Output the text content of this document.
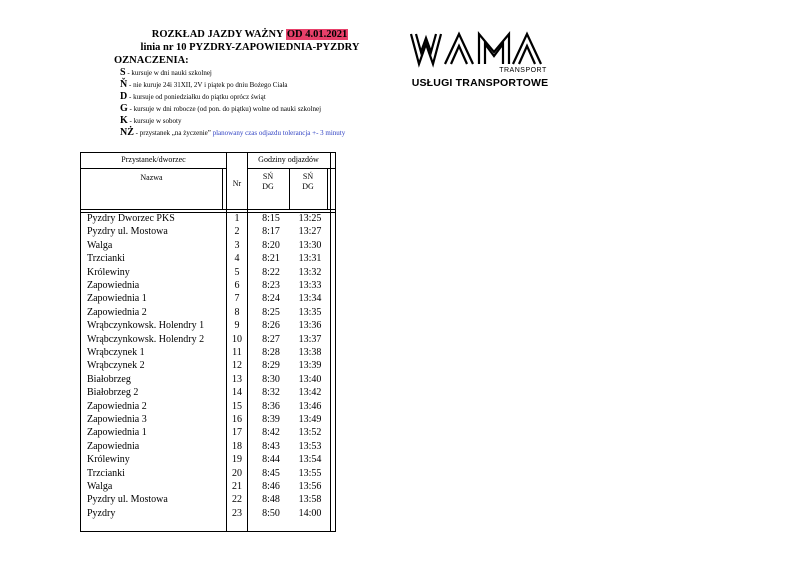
ROZKŁAD JAZDY WAŻNY OD 4.01.2021
linia nr 10 PYZDRY-ZAPOWIEDNIA-PYZDRY
OZNACZENIA:
S - kursuje w dni nauki szkolnej
Ň - nie kuruje 24i 31XII, 2V i piątek po dniu Bożego Ciała
D - kursuje od poniedziałku do piątku oprócz świąt
G - kursuje w dni robocze (od pon. do piątku) wolne od nauki szkolnej
K - kursuje w soboty
NŻ - przystanek „na życzenie” planowany czas odjazdu tolerancja +- 3 minuty
TRANSPORT
USŁUGI TRANSPORTOWE
Przystanek/dworzec
Nazwa
Nr
Godziny odjazdów
SŃ
DG
SŃ
DG
Pyzdry Dworzec PKS	1	8:15	13:25
Pyzdry ul. Mostowa	2	8:17	13:27
Walga	3	8:20	13:30
Trzcianki	4	8:21	13:31
Królewiny	5	8:22	13:32
Zapowiednia	6	8:23	13:33
Zapowiednia 1	7	8:24	13:34
Zapowiednia 2	8	8:25	13:35
Wrąbczynkowsk. Holendry 1	9	8:26	13:36
Wrąbczynkowsk. Holendry 2	10	8:27	13:37
Wrąbczynek 1	11	8:28	13:38
Wrąbczynek 2	12	8:29	13:39
Białobrzeg	13	8:30	13:40
Białobrzeg 2	14	8:32	13:42
Zapowiednia 2	15	8:36	13:46
Zapowiednia 3	16	8:39	13:49
Zapowiednia 1	17	8:42	13:52
Zapowiednia	18	8:43	13:53
Królewiny	19	8:44	13:54
Trzcianki	20	8:45	13:55
Walga	21	8:46	13:56
Pyzdry ul. Mostowa	22	8:48	13:58
Pyzdry	23	8:50	14:00
